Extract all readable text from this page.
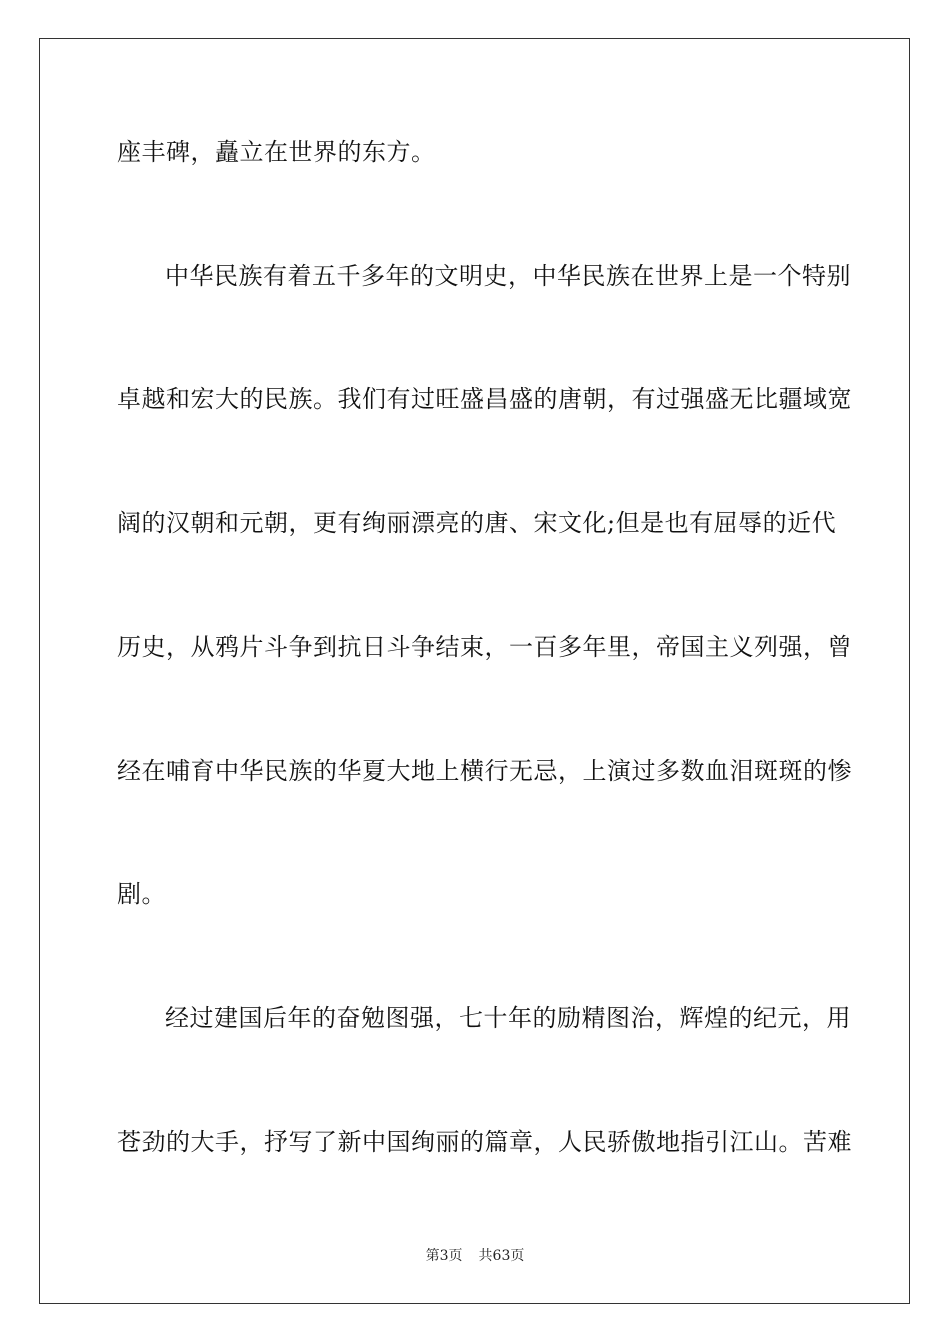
座丰碑，矗立在世界的东方。
中华民族有着五千多年的文明史，中华民族在世界上是一个特别
卓越和宏大的民族。我们有过旺盛昌盛的唐朝，有过强盛无比疆域宽
阔的汉朝和元朝，更有绚丽漂亮的唐、宋文化;但是也有屈辱的近代
历史，从鸦片斗争到抗日斗争结束，一百多年里，帝国主义列强，曾
经在哺育中华民族的华夏大地上横行无忌，上演过多数血泪斑斑的惨
剧。
经过建国后年的奋勉图强，七十年的励精图治，辉煌的纪元，用
苍劲的大手，抒写了新中国绚丽的篇章，人民骄傲地指引江山。苦难
第3页 共63页
